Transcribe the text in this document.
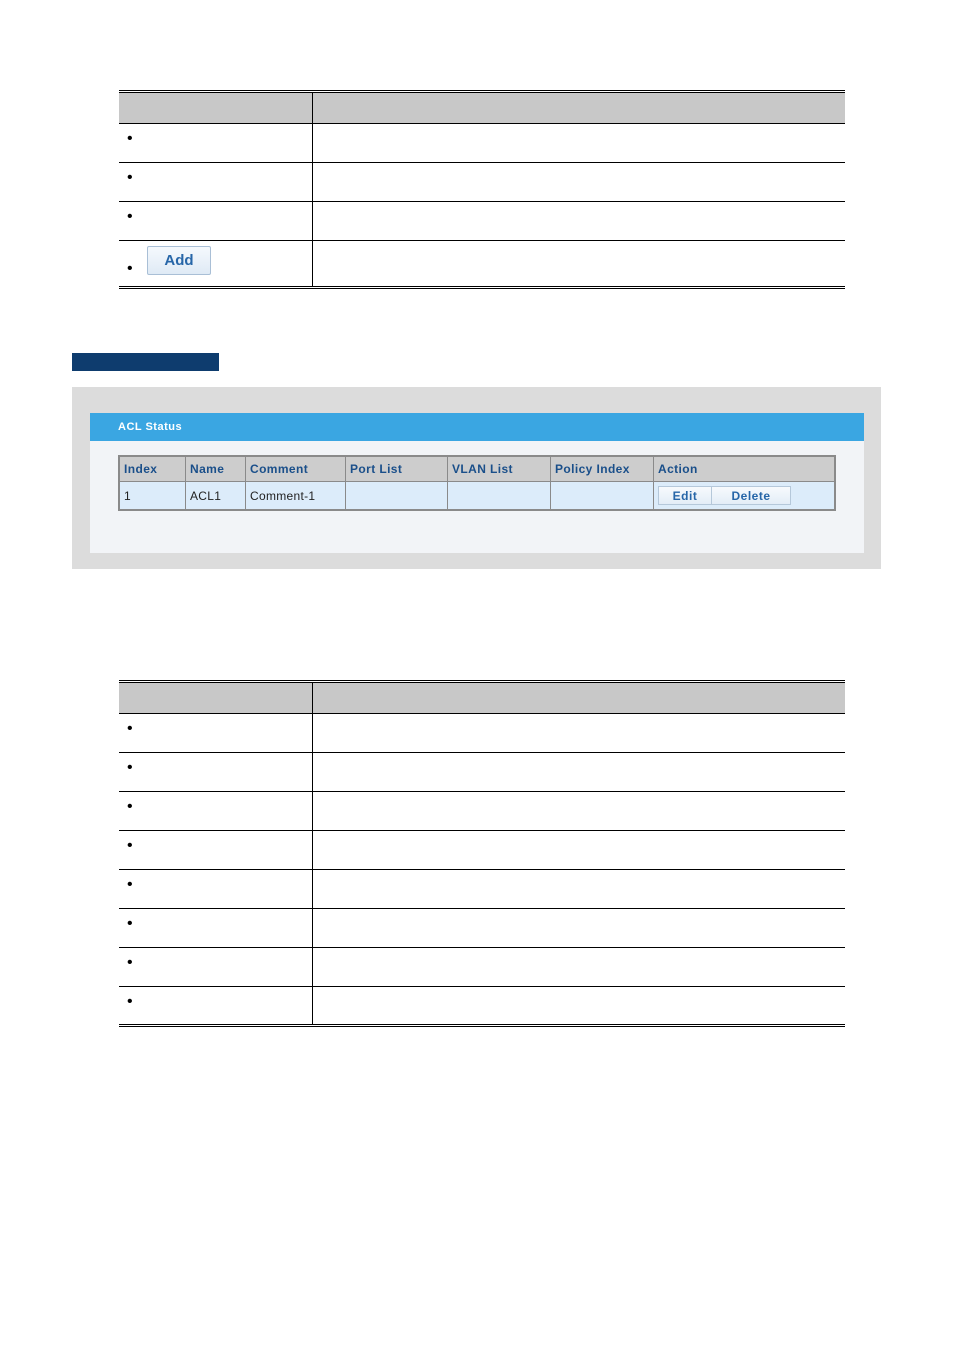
•	

•	

•	

• Add	

ACL Status
Index	Name	Comment	Port List	VLAN List	Policy Index	Action
1	ACL1	Comment-1				Edit Delete

•	

•	

•	

•	

•	

•	

•	

•	
